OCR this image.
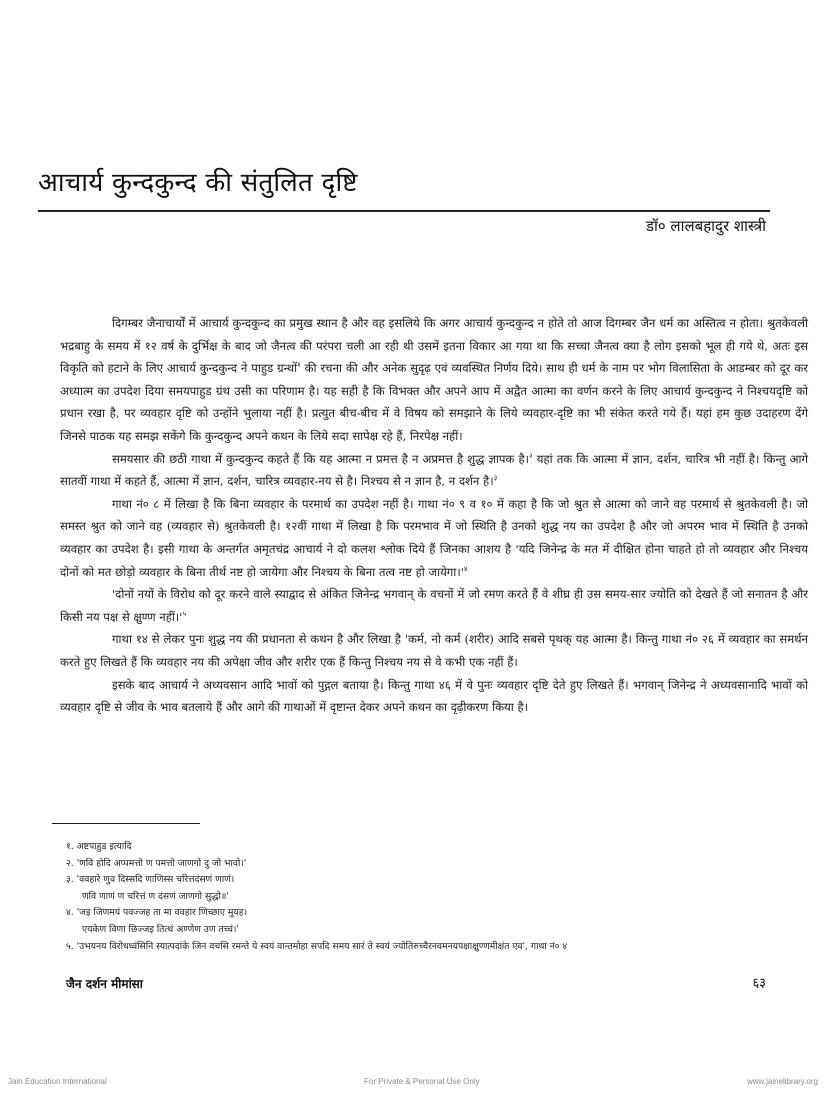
आचार्य कुन्दकुन्द की संतुलित दृष्टि
डॉ० लालबहादुर शास्त्री

दिगम्बर जैनाचार्यों में आचार्य कुन्दकुन्द का प्रमुख स्थान है और वह इसलिये कि अगर आचार्य कुन्दकुन्द न होते तो आज दिगम्बर जैन धर्म का अस्तित्व न होता। श्रुतकेवली भद्रबाहु के समय में १२ वर्ष के दुर्भिक्ष के बाद जो जैनत्व की परंपरा चली आ रही थी उसमें इतना विकार आ गया था कि सच्चा जैनत्व क्या है लोग इसको भूल ही गये थे, अतः इस विकृति को हटाने के लिए आचार्य कुन्दकुन्द ने पाहुड ग्रन्थों$^१$ की रचना की और अनेक सुदृढ़ एवं व्यवस्थित निर्णय दिये। साथ ही धर्म के नाम पर भोग विलासिता के आडम्बर को दूर कर अध्यात्म का उपदेश दिया समयपाहुड ग्रंथ उसी का परिणाम है। यह सही है कि विभक्त और अपने आप में अद्वैत आत्मा का वर्णन करने के लिए आचार्य कुन्दकुन्द ने निश्चयदृष्टि को प्रधान रखा है, पर व्यवहार दृष्टि को उन्होंने भुलाया नहीं है। प्रत्युत बीच-बीच में वे विषय को समझाने के लिये व्यवहार-दृष्टि का भी संकेत करते गये हैं। यहां हम कुछ उदाहरण देंगे जिनसे पाठक यह समझ सकेंगे कि कुन्दकुन्द अपने कथन के लिये सदा सापेक्ष रहे हैं, निरपेक्ष नहीं।

समयसार की छठी गाथा में कुन्दकुन्द कहते हैं कि यह आत्मा न प्रमत्त है न अप्रमत्त है शुद्ध ज्ञापक है।$^२$ यहां तक कि आत्मा में ज्ञान, दर्शन, चारित्र भी नहीं है। किन्तु आगे सातवीं गाथा में कहते हैं, आत्मा में ज्ञान, दर्शन, चारित्र व्यवहार-नय से है। निश्चय से न ज्ञान है, न दर्शन है।$^३$

गाथा नं० ८ में लिखा है कि बिना व्यवहार के परमार्थ का उपदेश नहीं है। गाथा नं० ९ व १० में कहा है कि जो श्रुत से आत्मा को जाने वह परमार्थ से श्रुतकेवली है। जो समस्त श्रुत को जाने वह (व्यवहार से) श्रुतकेवली है। १२वीं गाथा में लिखा है कि परमभाव में जो स्थिति है उनको शुद्ध नय का उपदेश है और जो अपरम भाव में स्थिति है उनको व्यवहार का उपदेश है। इसी गाथा के अन्तर्गत अमृतचंद्र आचार्य ने दो कलश श्लोक दिये हैं जिनका आशय है 'यदि जिनेन्द्र के मत में दीक्षित होना चाहते हो तो व्यवहार और निश्चय दोनों को मत छोड़ो व्यवहार के बिना तीर्थ नष्ट हो जायेगा और निश्चय के बिना तत्व नष्ट हो $जायेगा।'^४$

'दोनों नयों के विरोध को दूर करने वाले स्याद्वाद से अंकित जिनेन्द्र भगवान् के वचनों में जो रमण करते हैं वे शीघ्र ही उस समय-सार ज्योति को देखते हैं जो सनातन है और किसी नय पक्ष से क्षुण्ण $नहीं।'^५$

गाथा १४ से लेकर पुनः शुद्ध नय की प्रधानता से कथन है और लिखा है 'कर्म, नो कर्म (शरीर) आदि सबसे पृथक् यह आत्मा है। किन्तु गाथा नं० २६ में व्यवहार का समर्थन करते हुए लिखते हैं कि व्यवहार नय की अपेक्षा जीव और शरीर एक हैं किन्तु निश्चय नय से वे कभी एक नहीं हैं।

इसके बाद आचार्य ने अध्यवसान आदि भावों को पुद्गल बताया है। किन्तु गाथा ४६ में वे पुनः व्यवहार दृष्टि देते हुए लिखते हैं। भगवान् जिनेन्द्र ने अध्यवसानादि भावों को व्यवहार दृष्टि से जीव के भाव बतलाये हैं और आगे की गाथाओं में दृष्टान्त देकर अपने कथन का दृढ़ीकरण किया है।

१. अष्टपाहुड इत्यादि
२. 'णवि होदि अप्पमत्तो ण पमत्तो जाणगो दु जो भावो।'
३. 'ववहारे णुव दिस्सदि णाणिस्स चरित्तदंसणं णाणं।
णवि णाणं ण चरित्तं ण दंसणं जाणगो सुद्धो॥'
४. 'जइ जिणमयं पवज्जह ता मा ववहार णिच्छाए मुयह।
एयकेण विणा छिज्जइ तित्थं अण्णेण उण तच्चं।'
५. 'उभयनय विरोधध्वंसिनि स्यात्पदांके जिन वचसि रमन्ते ये स्वयं वान्तमोहा सपदि समय सारं ते स्वयं ज्योतिरुच्चैरनवमनयपक्षाक्षुण्णमीक्षंत एव', गाथा नं० ४
जैन दर्शन मीमांसा	६३
Jain Education International	For Private & Personal Use Only	www.jainelibrary.org
